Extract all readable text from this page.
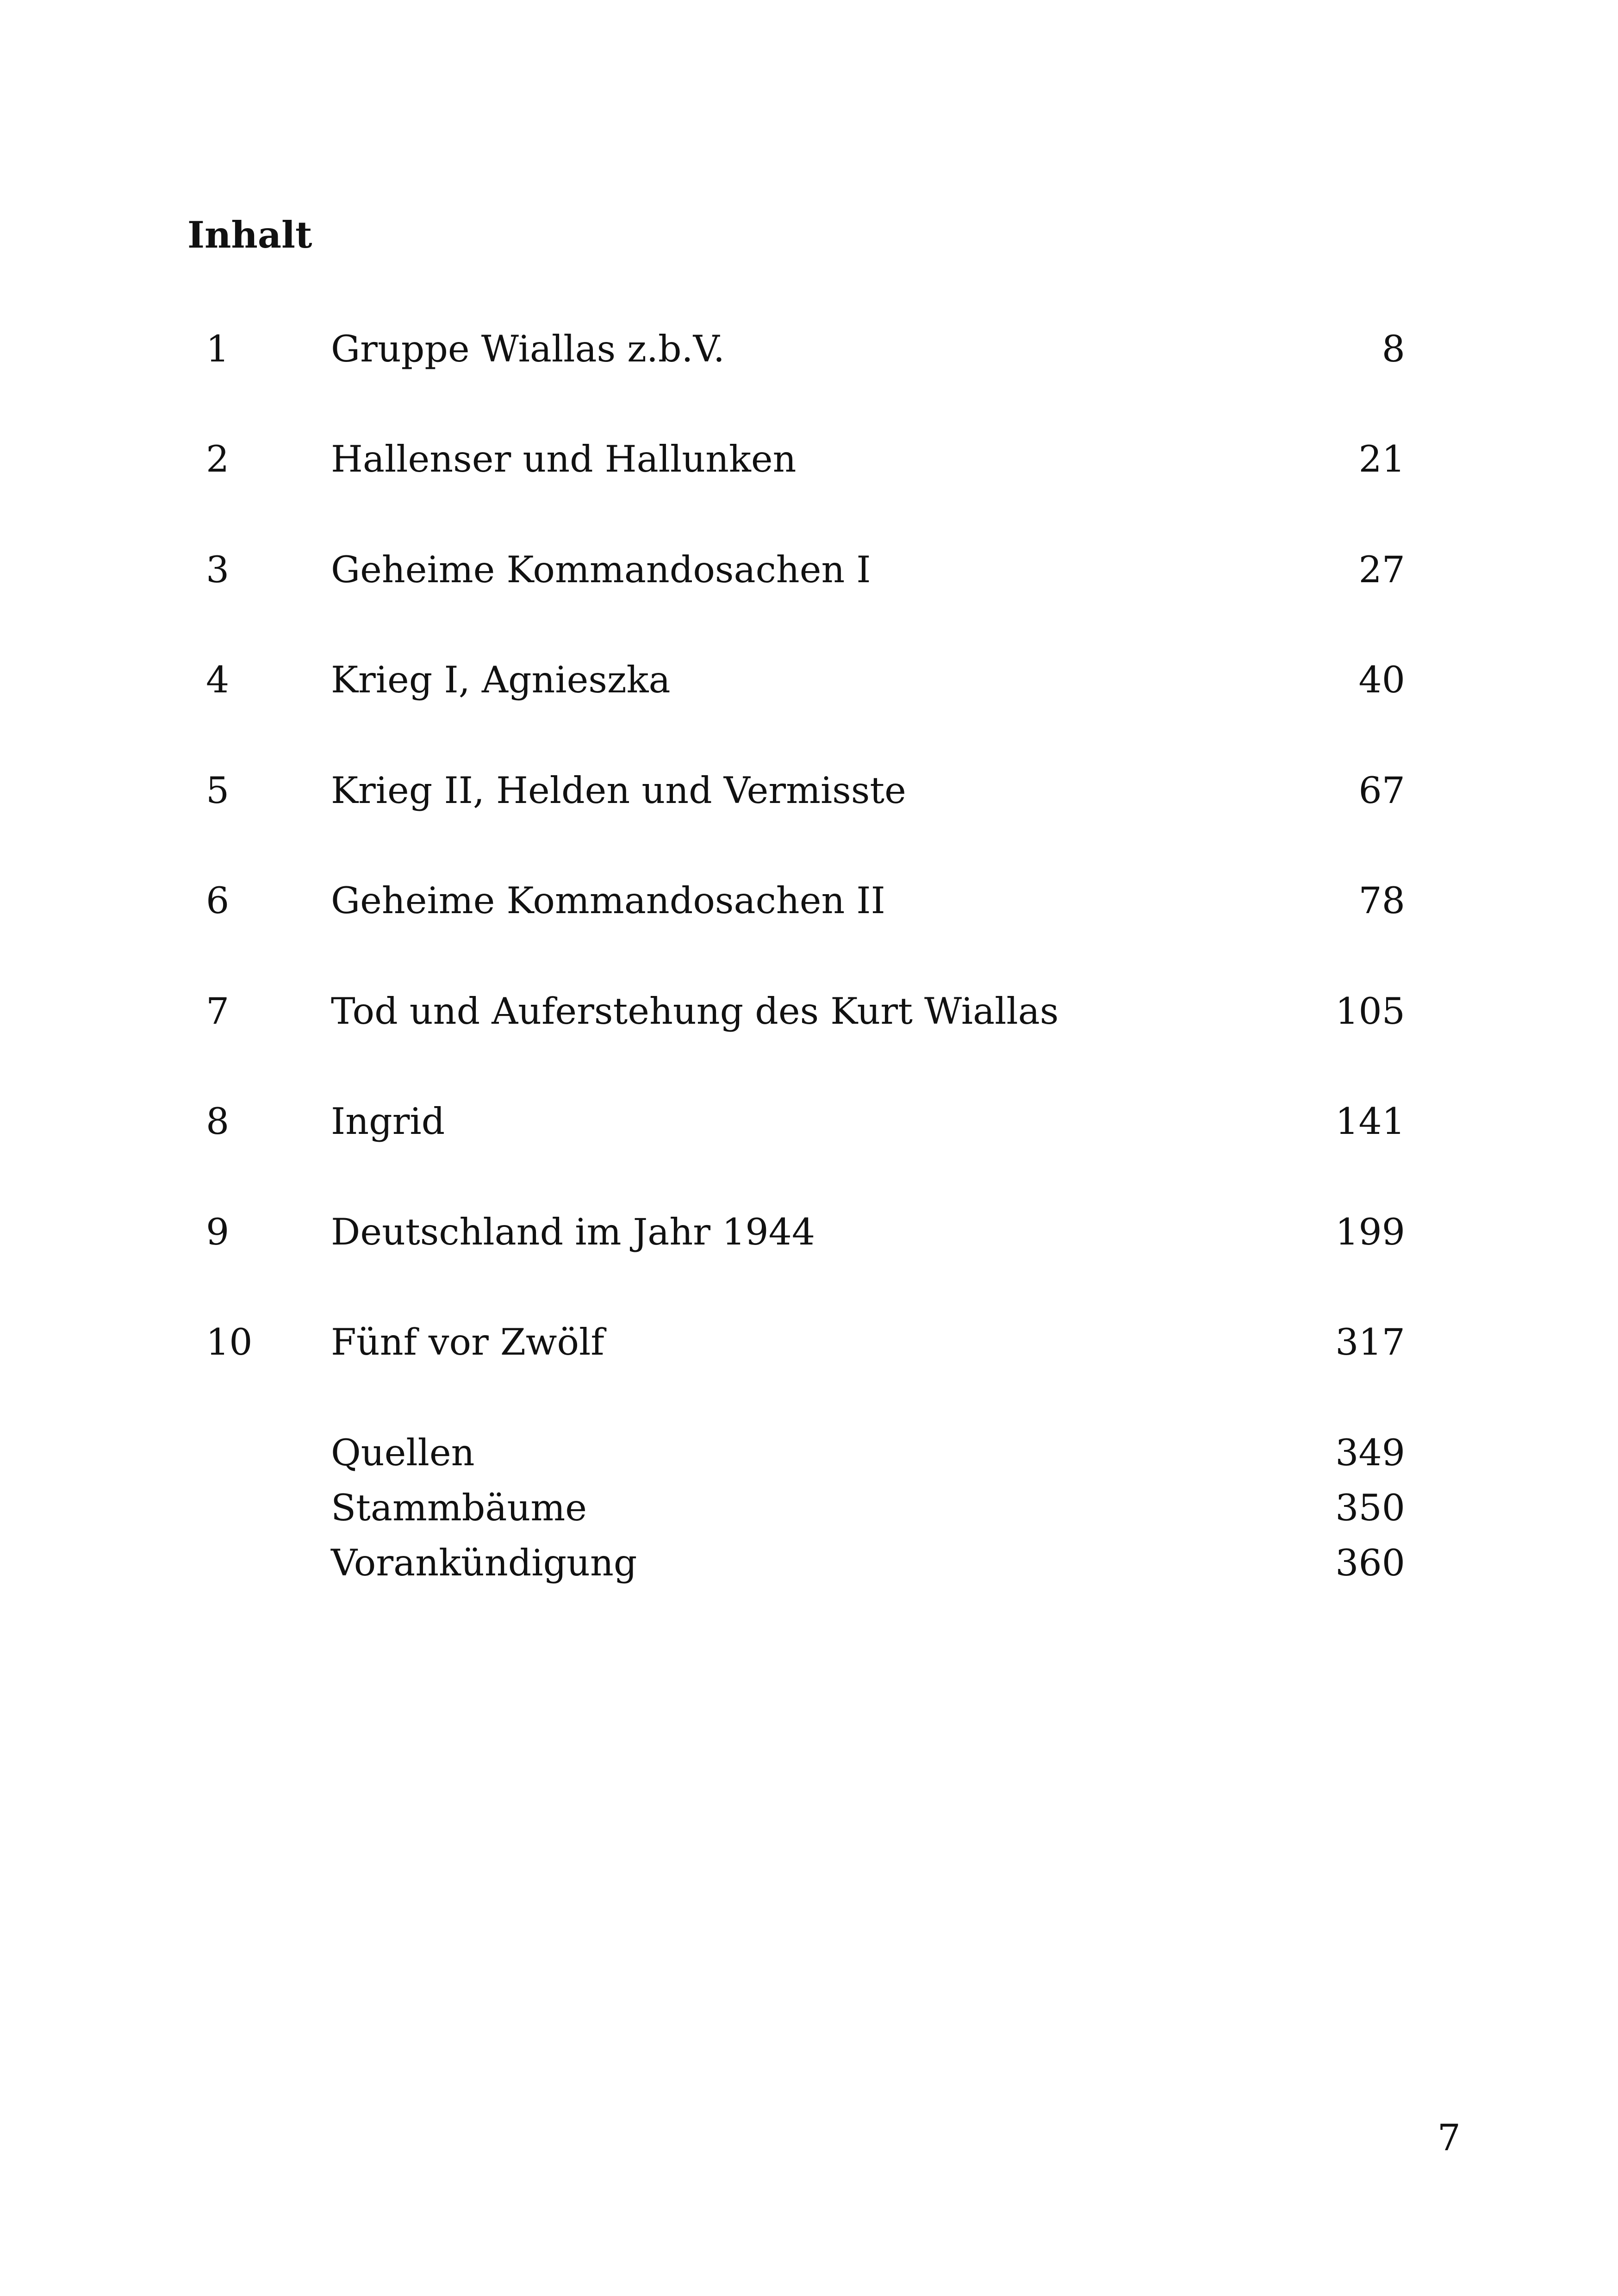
Inhalt
1	Gruppe Wiallas z.b.V.	8
2	Hallenser und Hallunken	21
3	Geheime Kommandosachen I	27
4	Krieg I, Agnieszka	40
5	Krieg II, Helden und Vermisste	67
6	Geheime Kommandosachen II	78
7	Tod und Auferstehung des Kurt Wiallas	105
8	Ingrid	141
9	Deutschland im Jahr 1944	199
10 Fünf vor Zwölf	317
Quellen	349
Stammbäume	350
Vorankündigung	360
7
